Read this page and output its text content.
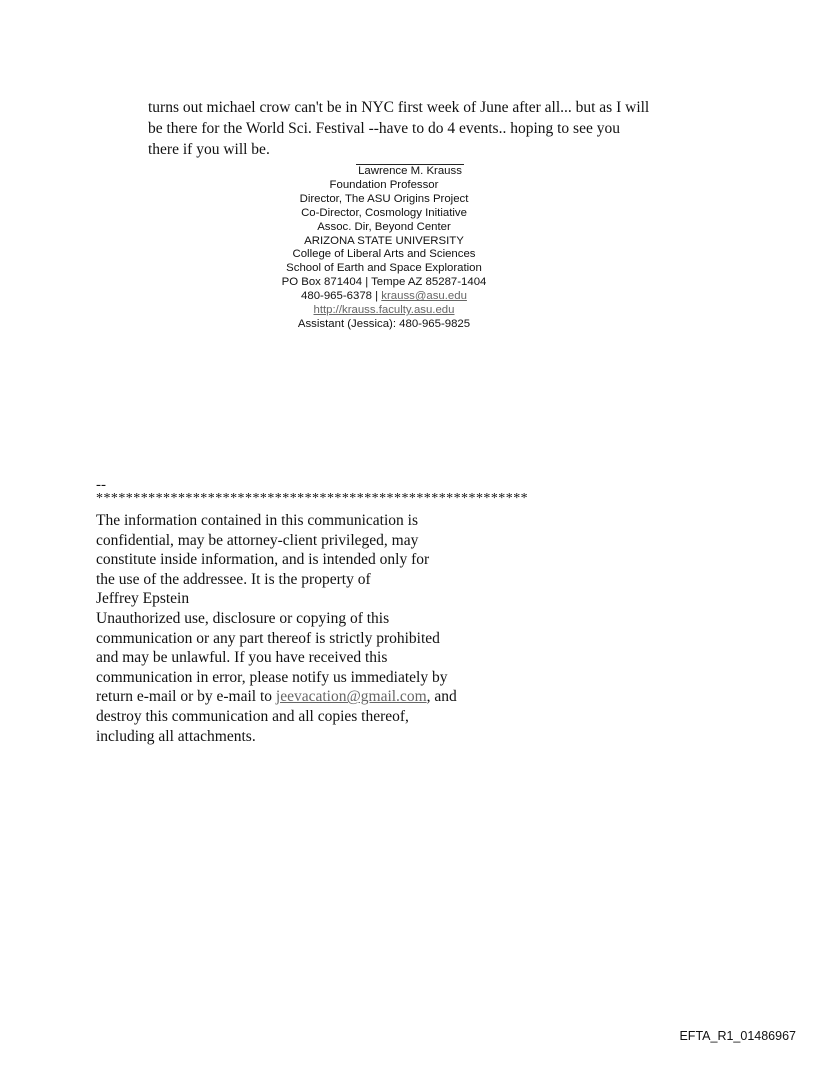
turns out michael crow can't be in NYC first week of June after all... but as I will
be there for the World Sci. Festival --have to do 4 events.. hoping to see you
there if you will be.
Lawrence M. Krauss
Foundation Professor
Director, The ASU Origins Project
Co-Director, Cosmology Initiative
Assoc. Dir, Beyond Center
ARIZONA STATE UNIVERSITY
College of Liberal Arts and Sciences
School of Earth and Space Exploration
PO Box 871404 | Tempe AZ 85287-1404
480-965-6378 | krauss@asu.edu
http://krauss.faculty.asu.edu
Assistant (Jessica): 480-965-9825
--
**********************************************************
The information contained in this communication is
confidential, may be attorney-client privileged, may
constitute inside information, and is intended only for
the use of the addressee. It is the property of
Jeffrey Epstein
Unauthorized use, disclosure or copying of this
communication or any part thereof is strictly prohibited
and may be unlawful. If you have received this
communication in error, please notify us immediately by
return e-mail or by e-mail to jeevacation@gmail.com, and
destroy this communication and all copies thereof,
including all attachments.
EFTA_R1_01486967
